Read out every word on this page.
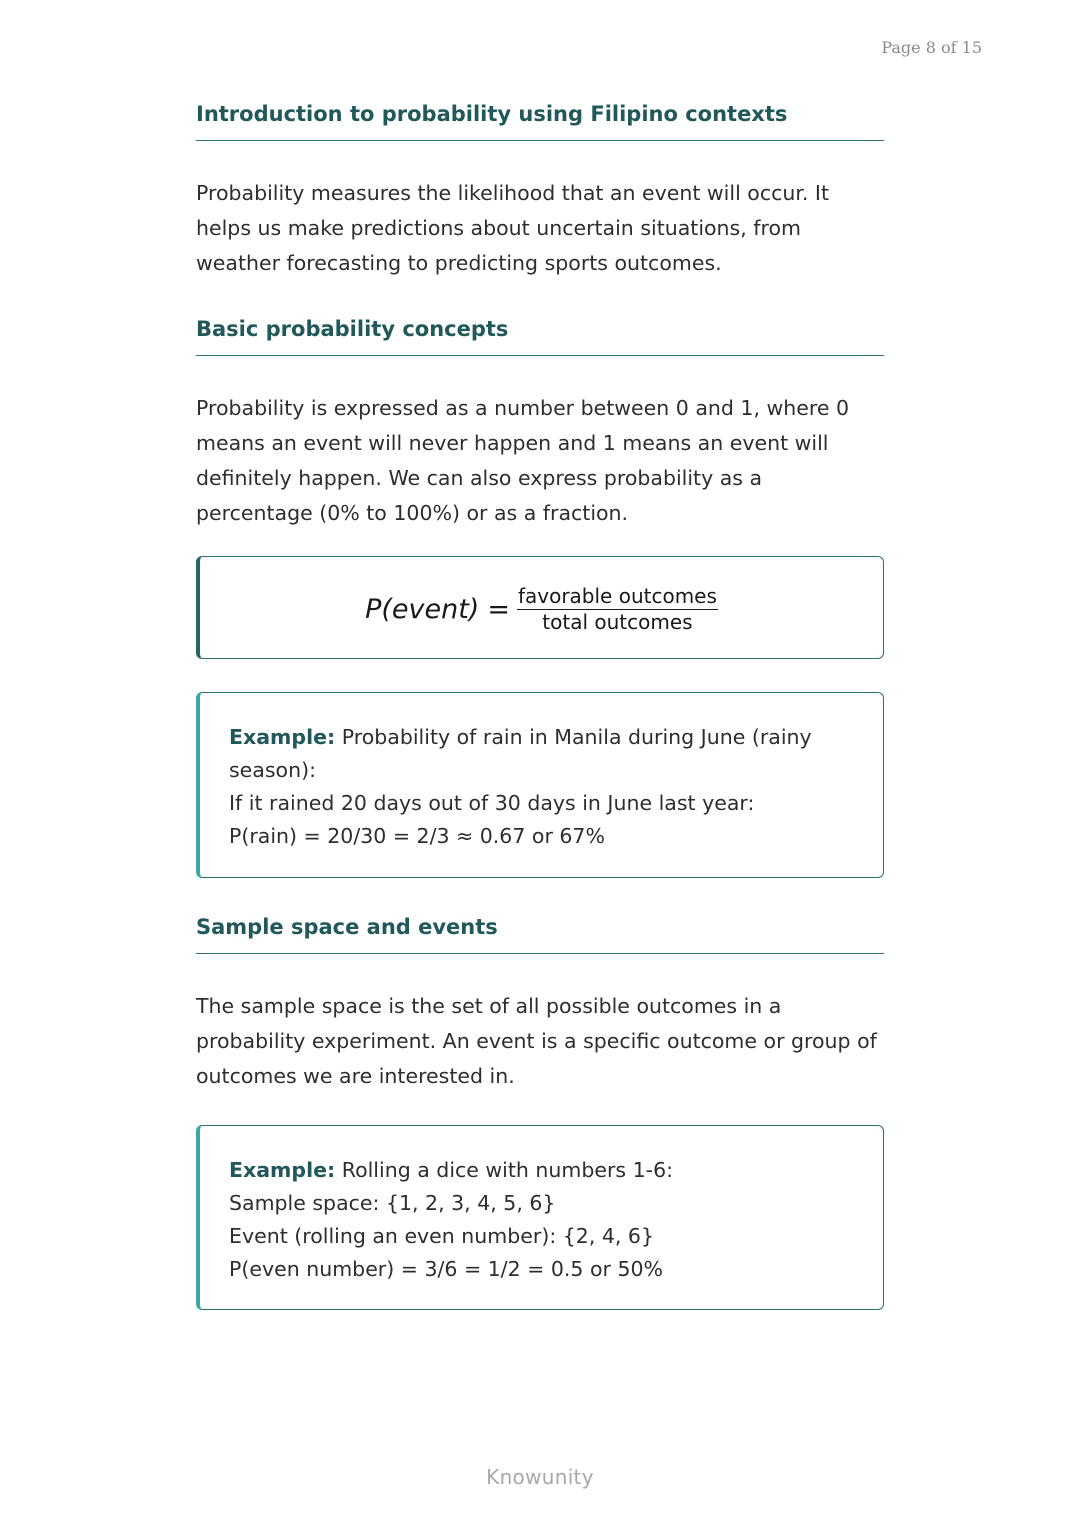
Page 8 of 15
Introduction to probability using Filipino contexts
Probability measures the likelihood that an event will occur. It helps us make predictions about uncertain situations, from weather forecasting to predicting sports outcomes.
Basic probability concepts
Probability is expressed as a number between 0 and 1, where 0 means an event will never happen and 1 means an event will definitely happen. We can also express probability as a percentage (0% to 100%) or as a fraction.
P(event) = $\frac{\text{favorable outcomes}}{\text{total outcomes}}$
Example: Probability of rain in Manila during June (rainy season):
If it rained 20 days out of 30 days in June last year:
P(rain) = 20/30 = 2/3 ≈ 0.67 or 67%
Sample space and events
The sample space is the set of all possible outcomes in a probability experiment. An event is a specific outcome or group of outcomes we are interested in.
Example: Rolling a dice with numbers 1-6:
Sample space: {1, 2, 3, 4, 5, 6}
Event (rolling an even number): {2, 4, 6}
P(even number) = 3/6 = 1/2 = 0.5 or 50%
Knowunity
